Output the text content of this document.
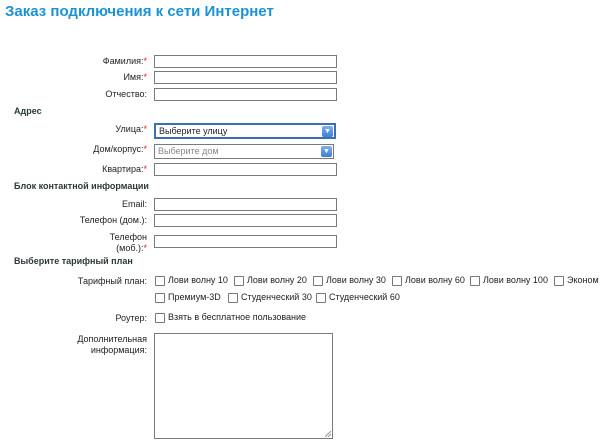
Заказ подключения к сети Интернет
Фамилия:*
Имя:*
Отчество:
Адрес
Улица:* Выберите улицу	▼
Дом/корпус:* Выберите дом	▼
Квартира:*
Блок контактной информации
Email:
Телефон (дом.):
Телефон
(моб.):*
Выберите тарифный план
Тарифный план: Лови волну 10 Лови волну 20 Лови волну 30 Лови волну 60 Лови волну 100 Эконом
Премиум-3D Студенческий 30 Студенческий 60
Роутер: Взять в бесплатное пользование
Дополнительная
информация:
